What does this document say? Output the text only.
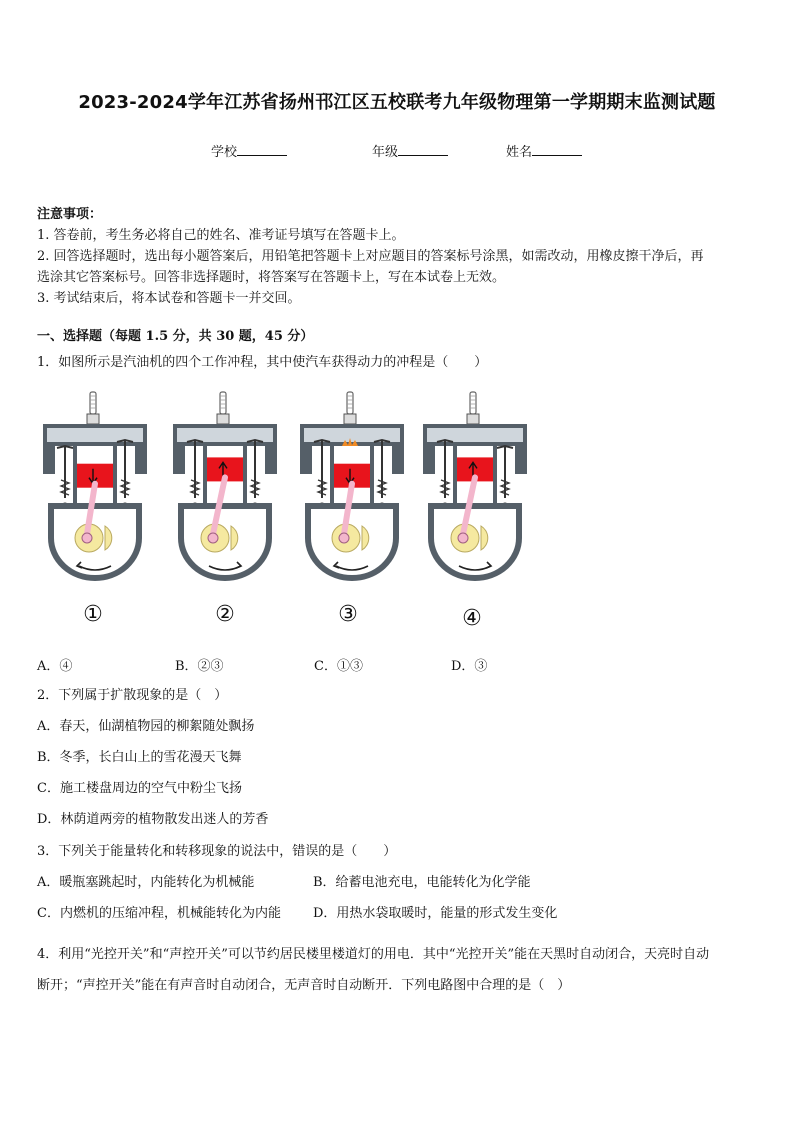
2023-2024学年江苏省扬州邗江区五校联考九年级物理第一学期期末监测试题
学校	年级	姓名
注意事项：
1. 答卷前，考生务必将自己的姓名、准考证号填写在答题卡上。
2. 回答选择题时，选出每小题答案后，用铅笔把答题卡上对应题目的答案标号涂黑，如需改动，用橡皮擦干净后，再
选涂其它答案标号。回答非选择题时，将答案写在答题卡上，写在本试卷上无效。
3. 考试结束后，将本试卷和答题卡一并交回。
一、选择题（每题 1.5 分，共 30 题，45 分）
1．如图所示是汽油机的四个工作冲程，其中使汽车获得动力的冲程是（　　）
①	②	③	④
A．④	B．②③	C．①③	D．③
2．下列属于扩散现象的是（　）
A．春天，仙湖植物园的柳絮随处飘扬
B．冬季，长白山上的雪花漫天飞舞
C．施工楼盘周边的空气中粉尘飞扬
D．林荫道两旁的植物散发出迷人的芳香
3．下列关于能量转化和转移现象的说法中，错误的是（　　）
A．暖瓶塞跳起时，内能转化为机械能	B．给蓄电池充电，电能转化为化学能
C．内燃机的压缩冲程，机械能转化为内能 D．用热水袋取暖时，能量的形式发生变化
4．利用“光控开关”和“声控开关”可以节约居民楼里楼道灯的用电．其中“光控开关”能在天黑时自动闭合，天亮时自动
断开；“声控开关”能在有声音时自动闭合，无声音时自动断开．下列电路图中合理的是（　）
